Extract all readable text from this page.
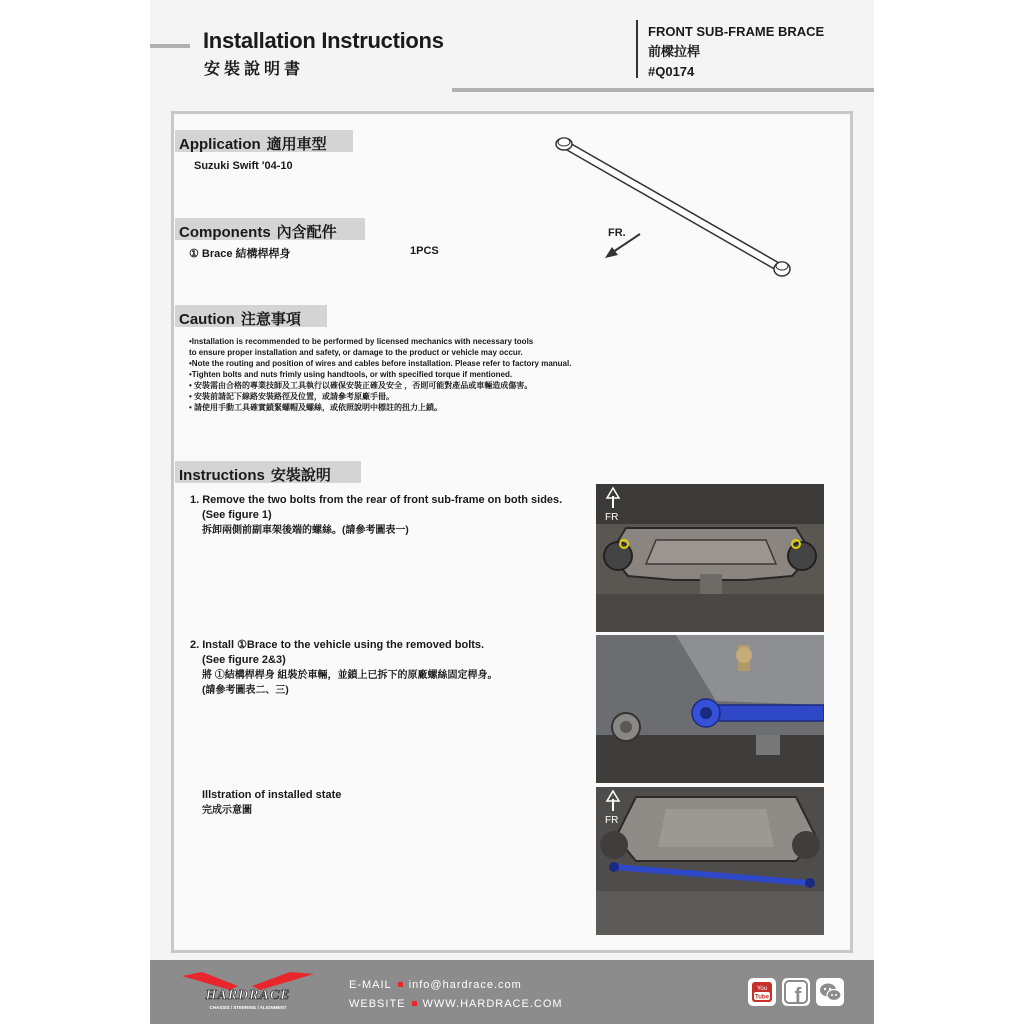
Installation Instructions
安裝說明書
FRONT SUB-FRAME BRACE
前樑拉桿
#Q0174
Application 適用車型
Suzuki Swift '04-10
Components 內含配件
① Brace 結構桿桿身	1PCS
FR.
Caution 注意事項
•Installation is recommended to be performed by licensed mechanics with necessary tools
to ensure proper installation and safety, or damage to the product or vehicle may occur.
•Note the routing and position of wires and cables before installation. Please refer to factory manual.
•Tighten bolts and nuts frimly using handtools, or with specified torque if mentioned.
• 安裝需由合格的專業技師及工具執行以確保安裝正確及安全 ，否則可能對產品或車輛造成傷害。
• 安裝前請記下線路安裝路徑及位置，或請參考原廠手冊。
• 請使用手動工具確實鎖緊螺帽及螺絲，或依照說明中標註的扭力上鎖。
Instructions 安裝說明
1. Remove the two bolts from the rear of front sub-frame on both sides.
(See figure 1)
拆卸兩側前副車架後端的螺絲。(請參考圖表一)
2. Install ①Brace to the vehicle using the removed bolts.
(See figure 2&3)
將 ①結構桿桿身 組裝於車輛，並鎖上已拆下的原廠螺絲固定桿身。
(請參考圖表二、三)
Illstration of installed state
完成示意圖
FR
FR
HARDRACE
CHASSIS / STEERING / ALIGNMENT
E-MAIL info@hardrace.com
WEBSITE WWW.HARDRACE.COM
You
Tube f
